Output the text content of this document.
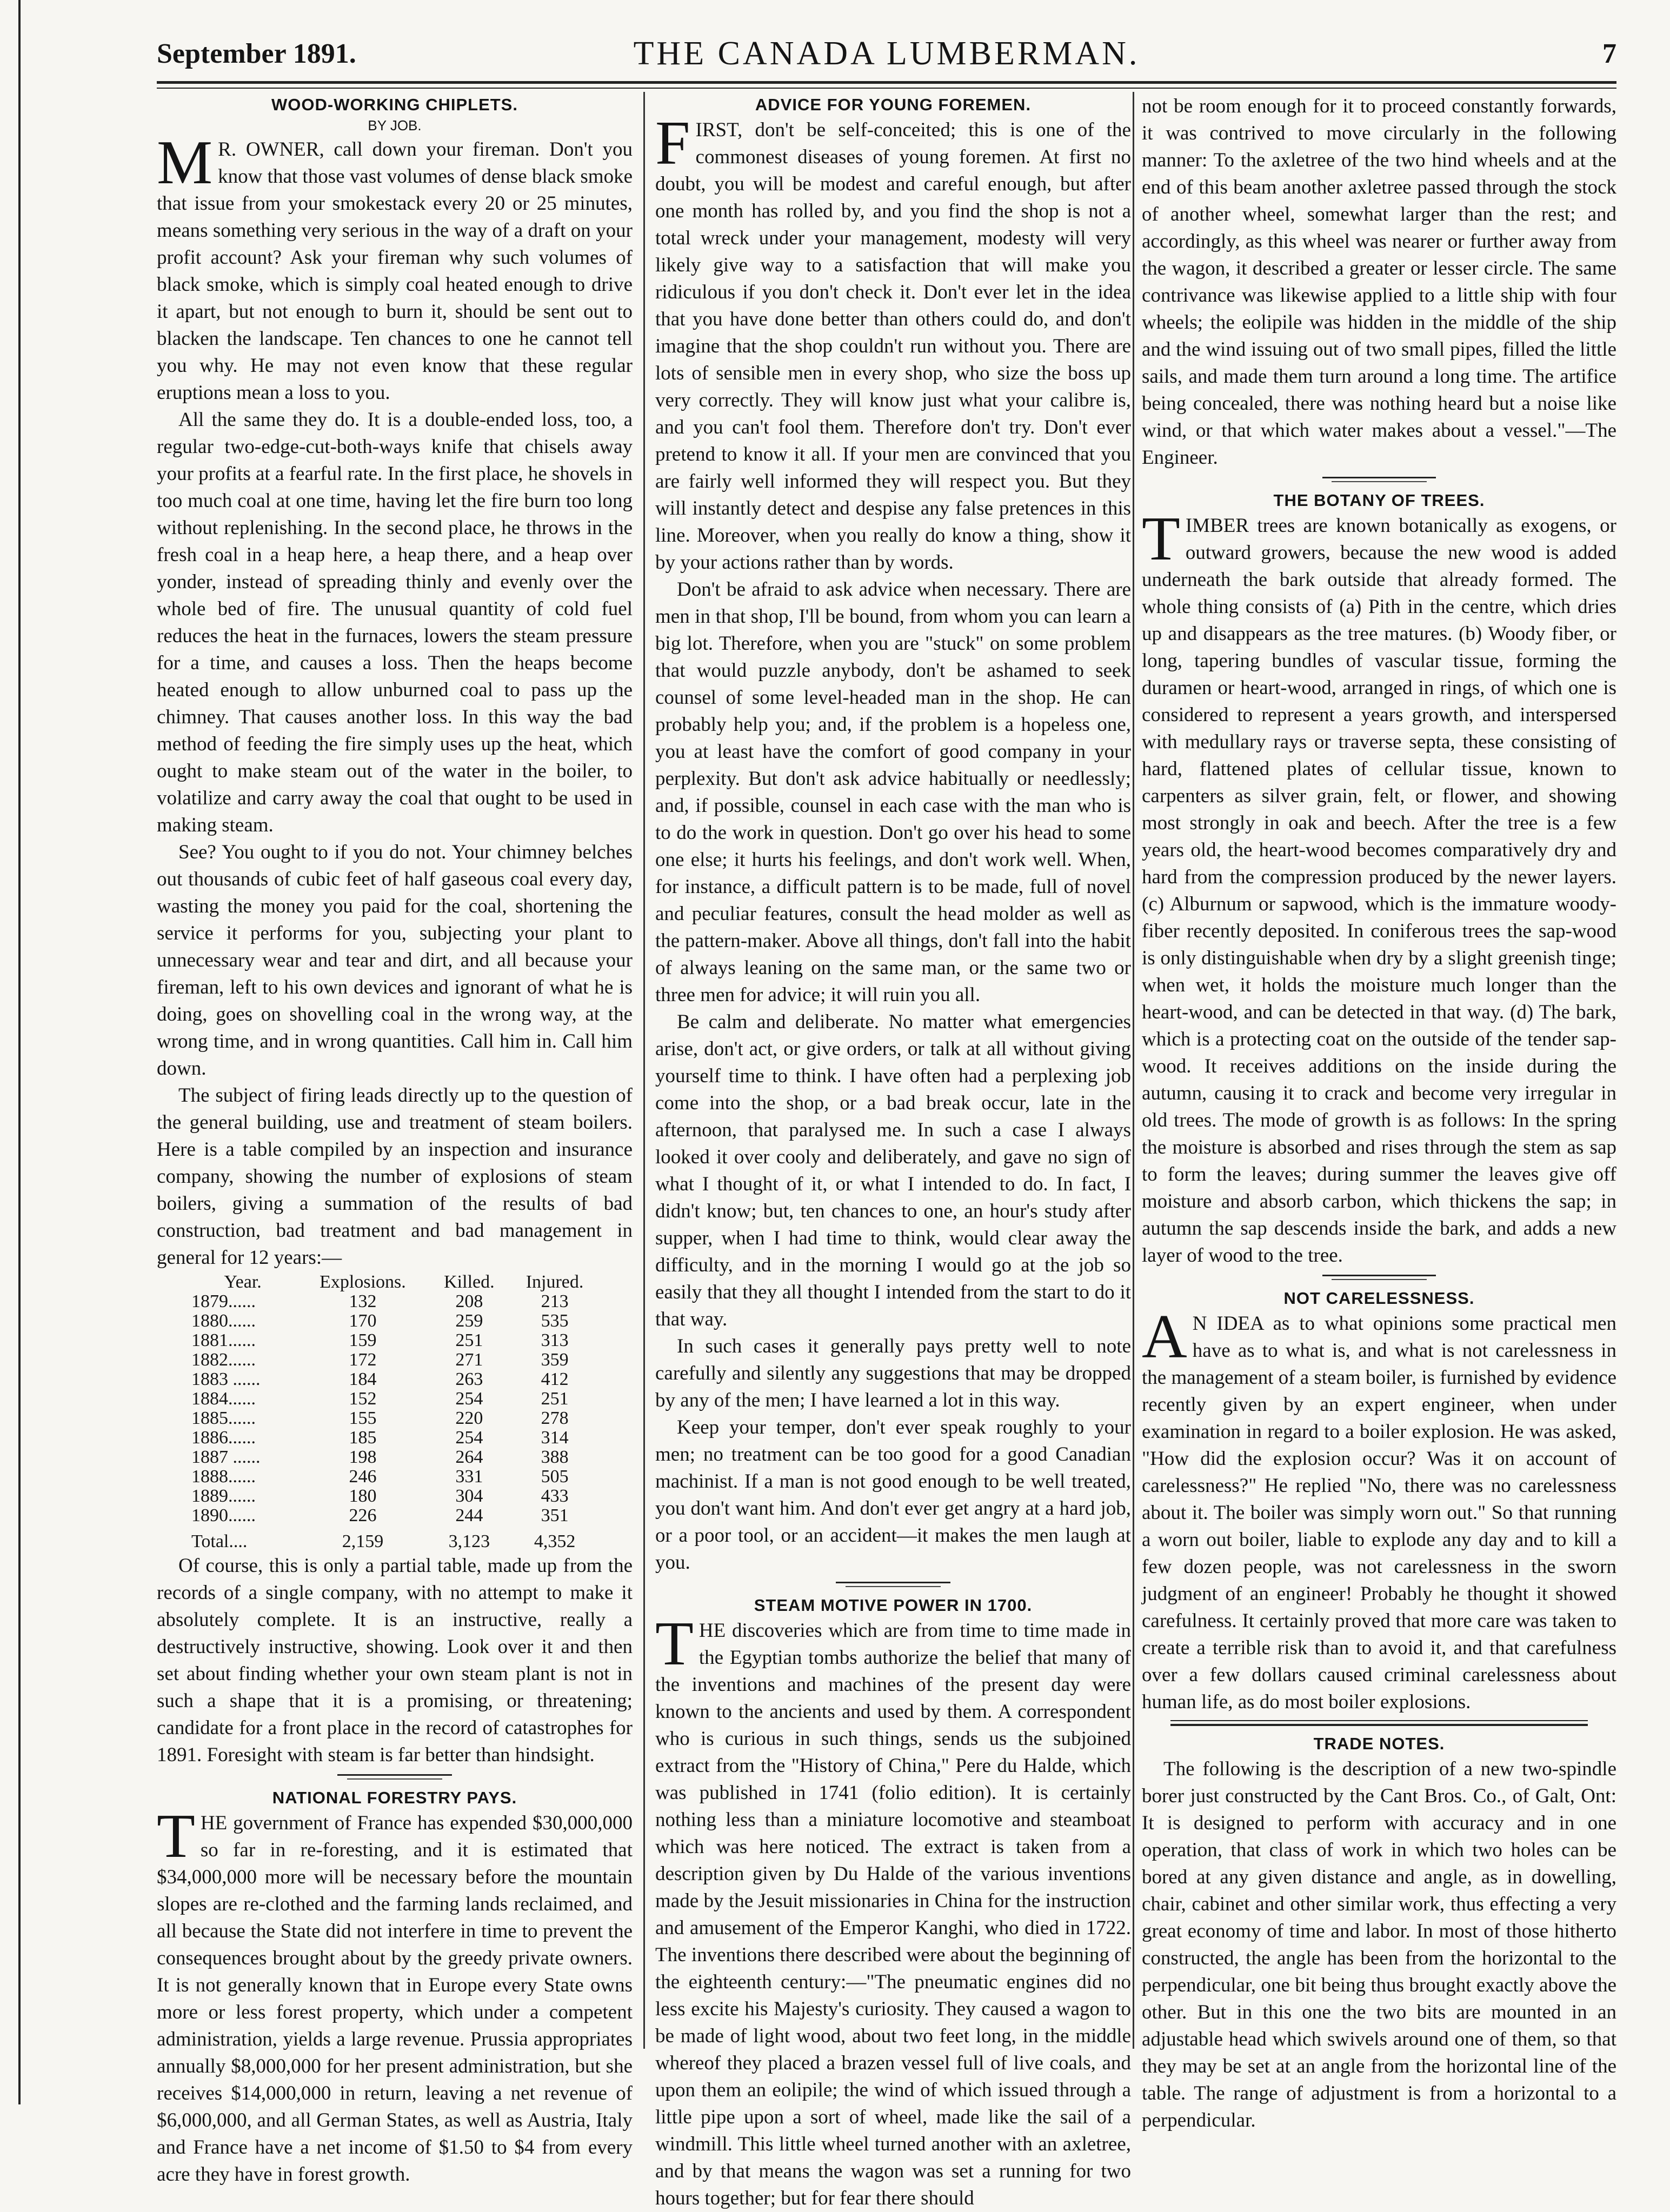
September 1891.	THE CANADA LUMBERMAN.	7
WOOD-WORKING CHIPLETS.
BY JOB.

MR. OWNER, call down your fireman. Don't you know that those vast volumes of dense black smoke that issue from your smokestack every 20 or 25 minutes, means something very serious in the way of a draft on your profit account? Ask your fireman why such volumes of black smoke, which is simply coal heated enough to drive it apart, but not enough to burn it, should be sent out to blacken the landscape. Ten chances to one he cannot tell you why. He may not even know that these regular eruptions mean a loss to you.

All the same they do. It is a double-ended loss, too, a regular two-edge-cut-both-ways knife that chisels away your profits at a fearful rate. In the first place, he shovels in too much coal at one time, having let the fire burn too long without replenishing. In the second place, he throws in the fresh coal in a heap here, a heap there, and a heap over yonder, instead of spreading thinly and evenly over the whole bed of fire. The unusual quantity of cold fuel reduces the heat in the furnaces, lowers the steam pressure for a time, and causes a loss. Then the heaps become heated enough to allow unburned coal to pass up the chimney. That causes another loss. In this way the bad method of feeding the fire simply uses up the heat, which ought to make steam out of the water in the boiler, to volatilize and carry away the coal that ought to be used in making steam.

See? You ought to if you do not. Your chimney belches out thousands of cubic feet of half gaseous coal every day, wasting the money you paid for the coal, shortening the service it performs for you, subjecting your plant to unnecessary wear and tear and dirt, and all because your fireman, left to his own devices and ignorant of what he is doing, goes on shovelling coal in the wrong way, at the wrong time, and in wrong quantities. Call him in. Call him down.

The subject of firing leads directly up to the question of the general building, use and treatment of steam boilers. Here is a table compiled by an inspection and insurance company, showing the number of explosions of steam boilers, giving a summation of the results of bad construction, bad treatment and bad management in general for 12 years:—

Year.	Explosions.	Killed.	Injured.
1879......	132	208	213
1880......	170	259	535
1881......	159	251	313
1882......	172	271	359
1883 ......	184	263	412
1884......	152	254	251
1885......	155	220	278
1886......	185	254	314
1887 ......	198	264	388
1888......	246	331	505
1889......	180	304	433
1890......	226	244	351
Total....	2,159	3,123	4,352

Of course, this is only a partial table, made up from the records of a single company, with no attempt to make it absolutely complete. It is an instructive, really a destructively instructive, showing. Look over it and then set about finding whether your own steam plant is not in such a shape that it is a promising, or threatening; candidate for a front place in the record of catastrophes for 1891. Foresight with steam is far better than hindsight.

NATIONAL FORESTRY PAYS.

THE government of France has expended $30,000,000 so far in re-foresting, and it is estimated that $34,000,000 more will be necessary before the mountain slopes are re-clothed and the farming lands reclaimed, and all because the State did not interfere in time to prevent the consequences brought about by the greedy private owners. It is not generally known that in Europe every State owns more or less forest property, which under a competent administration, yields a large revenue. Prussia appropriates annually $8,000,000 for her present administration, but she receives $14,000,000 in return, leaving a net revenue of $6,000,000, and all German States, as well as Austria, Italy and France have a net income of $1.50 to $4 from every acre they have in forest growth.

ADVICE FOR YOUNG FOREMEN.

FIRST, don't be self-conceited; this is one of the commonest diseases of young foremen. At first no doubt, you will be modest and careful enough, but after one month has rolled by, and you find the shop is not a total wreck under your management, modesty will very likely give way to a satisfaction that will make you ridiculous if you don't check it. Don't ever let in the idea that you have done better than others could do, and don't imagine that the shop couldn't run without you. There are lots of sensible men in every shop, who size the boss up very correctly. They will know just what your calibre is, and you can't fool them. Therefore don't try. Don't ever pretend to know it all. If your men are convinced that you are fairly well informed they will respect you. But they will instantly detect and despise any false pretences in this line. Moreover, when you really do know a thing, show it by your actions rather than by words.

Don't be afraid to ask advice when necessary. There are men in that shop, I'll be bound, from whom you can learn a big lot. Therefore, when you are "stuck" on some problem that would puzzle anybody, don't be ashamed to seek counsel of some level-headed man in the shop. He can probably help you; and, if the problem is a hopeless one, you at least have the comfort of good company in your perplexity. But don't ask advice habitually or needlessly; and, if possible, counsel in each case with the man who is to do the work in question. Don't go over his head to some one else; it hurts his feelings, and don't work well. When, for instance, a difficult pattern is to be made, full of novel and peculiar features, consult the head molder as well as the pattern-maker. Above all things, don't fall into the habit of always leaning on the same man, or the same two or three men for advice; it will ruin you all.

Be calm and deliberate. No matter what emergencies arise, don't act, or give orders, or talk at all without giving yourself time to think. I have often had a perplexing job come into the shop, or a bad break occur, late in the afternoon, that paralysed me. In such a case I always looked it over cooly and deliberately, and gave no sign of what I thought of it, or what I intended to do. In fact, I didn't know; but, ten chances to one, an hour's study after supper, when I had time to think, would clear away the difficulty, and in the morning I would go at the job so easily that they all thought I intended from the start to do it that way.

In such cases it generally pays pretty well to note carefully and silently any suggestions that may be dropped by any of the men; I have learned a lot in this way.

Keep your temper, don't ever speak roughly to your men; no treatment can be too good for a good Canadian machinist. If a man is not good enough to be well treated, you don't want him. And don't ever get angry at a hard job, or a poor tool, or an accident—it makes the men laugh at you.

STEAM MOTIVE POWER IN 1700.

THE discoveries which are from time to time made in the Egyptian tombs authorize the belief that many of the inventions and machines of the present day were known to the ancients and used by them. A correspondent who is curious in such things, sends us the subjoined extract from the "History of China," Pere du Halde, which was published in 1741 (folio edition). It is certainly nothing less than a miniature locomotive and steamboat which was here noticed. The extract is taken from a description given by Du Halde of the various inventions made by the Jesuit missionaries in China for the instruction and amusement of the Emperor Kanghi, who died in 1722. The inventions there described were about the beginning of the eighteenth century:—"The pneumatic engines did no less excite his Majesty's curiosity. They caused a wagon to be made of light wood, about two feet long, in the middle whereof they placed a brazen vessel full of live coals, and upon them an eolipile; the wind of which issued through a little pipe upon a sort of wheel, made like the sail of a windmill. This little wheel turned another with an axletree, and by that means the wagon was set a running for two hours together; but for fear there should

not be room enough for it to proceed constantly forwards, it was contrived to move circularly in the following manner: To the axletree of the two hind wheels and at the end of this beam another axletree passed through the stock of another wheel, somewhat larger than the rest; and accordingly, as this wheel was nearer or further away from the wagon, it described a greater or lesser circle. The same contrivance was likewise applied to a little ship with four wheels; the eolipile was hidden in the middle of the ship and the wind issuing out of two small pipes, filled the little sails, and made them turn around a long time. The artifice being concealed, there was nothing heard but a noise like wind, or that which water makes about a vessel."—The Engineer.

THE BOTANY OF TREES.

TIMBER trees are known botanically as exogens, or outward growers, because the new wood is added underneath the bark outside that already formed. The whole thing consists of (a) Pith in the centre, which dries up and disappears as the tree matures. (b) Woody fiber, or long, tapering bundles of vascular tissue, forming the duramen or heart-wood, arranged in rings, of which one is considered to represent a years growth, and interspersed with medullary rays or traverse septa, these consisting of hard, flattened plates of cellular tissue, known to carpenters as silver grain, felt, or flower, and showing most strongly in oak and beech. After the tree is a few years old, the heart-wood becomes comparatively dry and hard from the compression produced by the newer layers. (c) Alburnum or sapwood, which is the immature woody-fiber recently deposited. In coniferous trees the sap-wood is only distinguishable when dry by a slight greenish tinge; when wet, it holds the moisture much longer than the heart-wood, and can be detected in that way. (d) The bark, which is a protecting coat on the outside of the tender sap-wood. It receives additions on the inside during the autumn, causing it to crack and become very irregular in old trees. The mode of growth is as follows: In the spring the moisture is absorbed and rises through the stem as sap to form the leaves; during summer the leaves give off moisture and absorb carbon, which thickens the sap; in autumn the sap descends inside the bark, and adds a new layer of wood to the tree.

NOT CARELESSNESS.

AN IDEA as to what opinions some practical men have as to what is, and what is not carelessness in the management of a steam boiler, is furnished by evidence recently given by an expert engineer, when under examination in regard to a boiler explosion. He was asked, "How did the explosion occur? Was it on account of carelessness?" He replied "No, there was no carelessness about it. The boiler was simply worn out." So that running a worn out boiler, liable to explode any day and to kill a few dozen people, was not carelessness in the sworn judgment of an engineer! Probably he thought it showed carefulness. It certainly proved that more care was taken to create a terrible risk than to avoid it, and that carefulness over a few dollars caused criminal carelessness about human life, as do most boiler explosions.

TRADE NOTES.

The following is the description of a new two-spindle borer just constructed by the Cant Bros. Co., of Galt, Ont: It is designed to perform with accuracy and in one operation, that class of work in which two holes can be bored at any given distance and angle, as in dowelling, chair, cabinet and other similar work, thus effecting a very great economy of time and labor. In most of those hitherto constructed, the angle has been from the horizontal to the perpendicular, one bit being thus brought exactly above the other. But in this one the two bits are mounted in an adjustable head which swivels around one of them, so that they may be set at an angle from the horizontal line of the table. The range of adjustment is from a horizontal to a perpendicular.
